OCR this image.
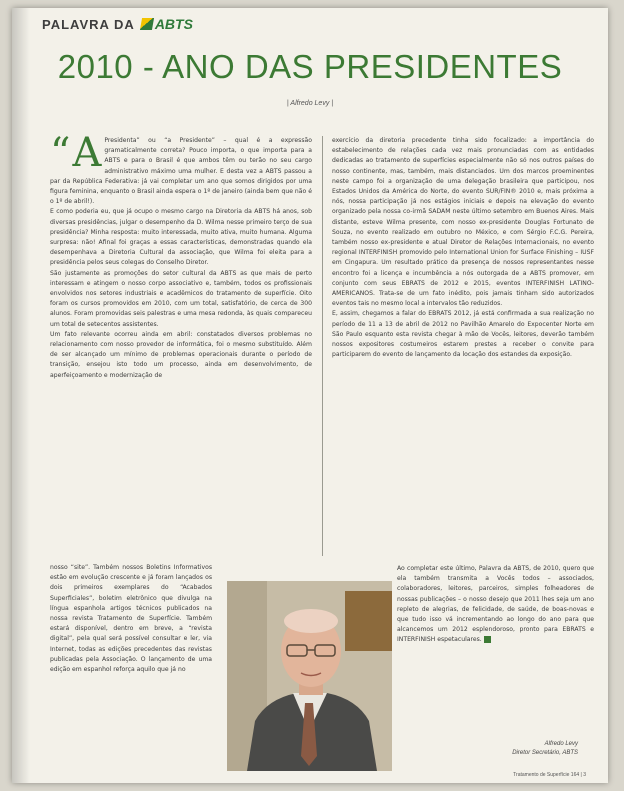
PALAVRA DA ABTS
2010 - ANO DAS PRESIDENTES
| Alfredo Levy |
“ A Presidenta” ou “a Presidente” – qual é a expressão gramaticalmente correta? Pouco importa, o que importa para a ABTS e para o Brasil é que ambos têm ou terão no seu cargo administrativo máximo uma mulher. E desta vez a ABTS passou a par da República Federativa: já vai completar um ano que somos dirigidos por uma figura feminina, enquanto o Brasil ainda espera o 1º de janeiro (ainda bem que não é o 1º de abril!).

E como poderia eu, que já ocupo o mesmo cargo na Diretoria da ABTS há anos, sob diversas presidências, julgar o desempenho da D. Wilma nesse primeiro terço de sua presidência? Minha resposta: muito interessada, muito ativa, muito humana. Alguma surpresa: não! Afinal foi graças a essas características, demonstradas quando ela desempenhava a Diretoria Cultural da associação, que Wilma foi eleita para a presidência pelos seus colegas do Conselho Diretor.

São justamente as promoções do setor cultural da ABTS as que mais de perto interessam e atingem o nosso corpo associativo e, também, todos os profissionais envolvidos nos setores industriais e acadêmicos do tratamento de superfície. Oito foram os cursos promovidos em 2010, com um total, satisfatório, de cerca de 300 alunos. Foram promovidas seis palestras e uma mesa redonda, às quais compareceu um total de setecentos assistentes.

Um fato relevante ocorreu ainda em abril: constatados diversos problemas no relacionamento com nosso provedor de informática, foi o mesmo substituído. Além de ser alcançado um mínimo de problemas operacionais durante o período de transição, ensejou isto todo um processo, ainda em desenvolvimento, de aperfeiçoamento e modernização de

exercício da diretoria precedente tinha sido focalizado: a importância do estabelecimento de relações cada vez mais pronunciadas com as entidades dedicadas ao tratamento de superfícies especialmente não só nos outros países do nosso continente, mas, também, mais distanciados. Um dos marcos proeminentes neste campo foi a organização de uma delegação brasileira que participou, nos Estados Unidos da América do Norte, do evento SUR/FIN® 2010 e, mais próxima a nós, nossa participação já nos estágios iniciais e depois na elevação do evento organizado pela nossa co-irmã SADAM neste último setembro em Buenos Aires. Mais distante, esteve Wilma presente, com nosso ex-presidente Douglas Fortunato de Souza, no evento realizado em outubro no México, e com Sérgio F.C.G. Pereira, também nosso ex-presidente e atual Diretor de Relações Internacionais, no evento regional INTERFINISH promovido pelo International Union for Surface Finishing – IUSF em Cingapura. Um resultado prático da presença de nossos representantes nesse encontro foi a licença e incumbência a nós outorgada de a ABTS promover, em conjunto com seus EBRATS de 2012 e 2015, eventos INTERFINISH LATINO-AMERICANOS. Trata-se de um fato inédito, pois jamais tinham sido autorizados eventos tais no mesmo local a intervalos tão reduzidos.

E, assim, chegamos a falar do EBRATS 2012, já está confirmada a sua realização no período de 11 a 13 de abril de 2012 no Pavilhão Amarelo do Expocenter Norte em São Paulo esquanto esta revista chegar à mão de Vocês, leitores, deverão também nossos expositores costumeiros estarem prestes a receber o convite para participarem do evento de lançamento da locação dos estandes da exposição.

nosso “site”. Também nossos Boletins Informativos estão em evolução crescente e já foram lançados os dois primeiros exemplares do “Acabados Superficiales”, boletim eletrônico que divulga na língua espanhola artigos técnicos publicados na nossa revista Tratamento de Superfície. Também estará disponível, dentro em breve, a “revista digital”, pela qual será possível consultar e ler, via Internet, todas as edições precedentes das revistas publicadas pela Associação. O lançamento de uma edição em espanhol reforça aquilo que já no

Ao completar este último, Palavra da ABTS, de 2010, quero que ela também transmita a Vocês todos – associados, colaboradores, leitores, parceiros, simples folheadores de nossas publicações – o nosso desejo que 2011 lhes seja um ano repleto de alegrias, de felicidade, de saúde, de boas-novas e que tudo isso vá incrementando ao longo do ano para que alcancemos um 2012 esplendoroso, pronto para EBRATS e INTERFINISH espetaculares.

Alfredo Levy
Diretor Secretário, ABTS
Tratamento de Superfície 164 | 3
